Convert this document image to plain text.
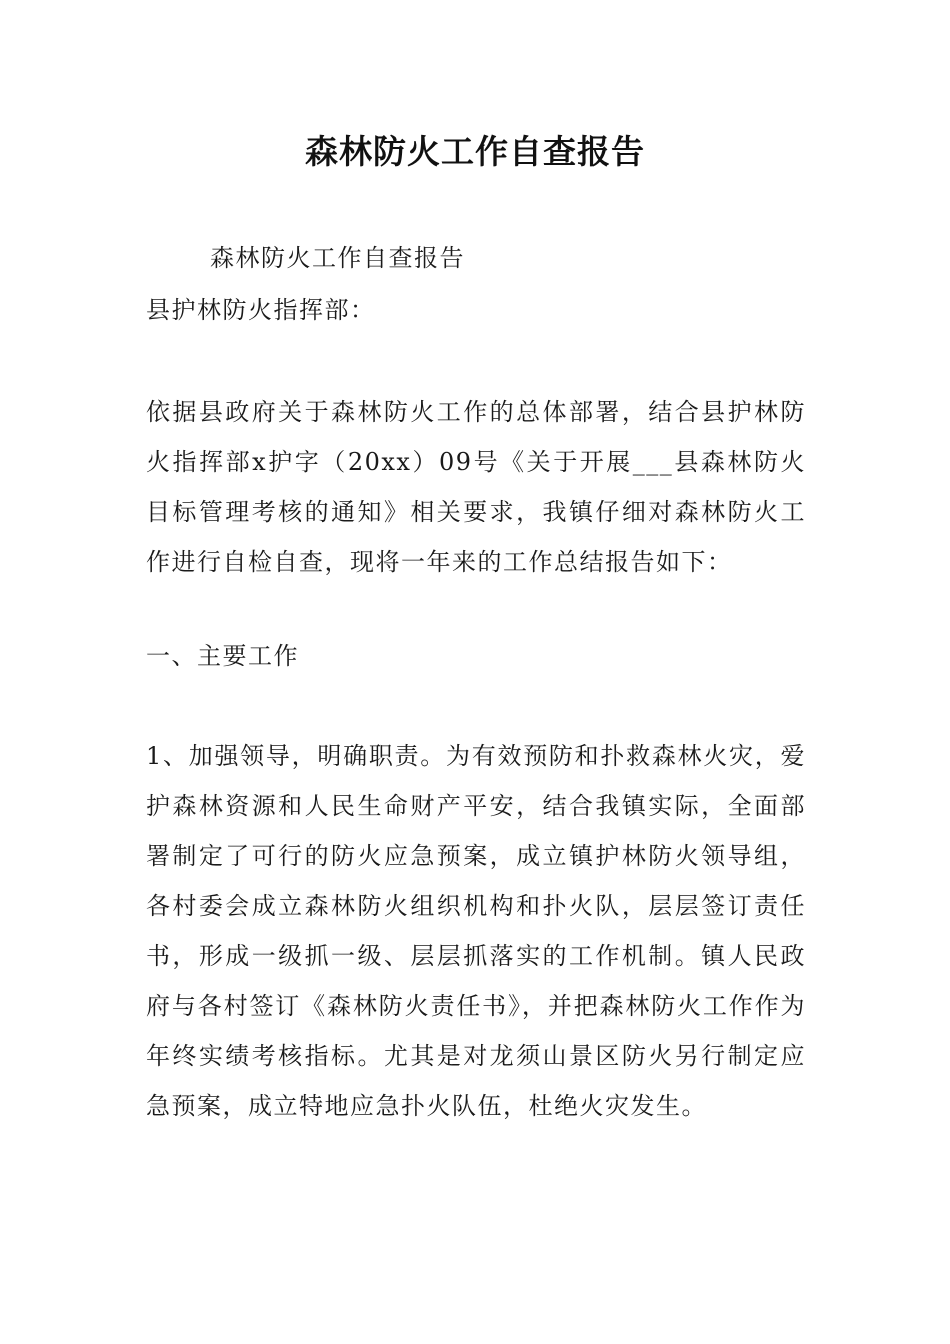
森林防火工作自查报告
森林防火工作自查报告
县护林防火指挥部：

依据县政府关于森林防火工作的总体部署，结合县护林防火指挥部x护字（20xx）09号《关于开展___县森林防火目标管理考核的通知》相关要求，我镇仔细对森林防火工作进行自检自查，现将一年来的工作总结报告如下：

一、主要工作

1、加强领导，明确职责。为有效预防和扑救森林火灾，爱护森林资源和人民生命财产平安，结合我镇实际，全面部署制定了可行的防火应急预案，成立镇护林防火领导组，各村委会成立森林防火组织机构和扑火队，层层签订责任书，形成一级抓一级、层层抓落实的工作机制。镇人民政府与各村签订《森林防火责任书》，并把森林防火工作作为年终实绩考核指标。尤其是对龙须山景区防火另行制定应急预案，成立特地应急扑火队伍，杜绝火灾发生。
